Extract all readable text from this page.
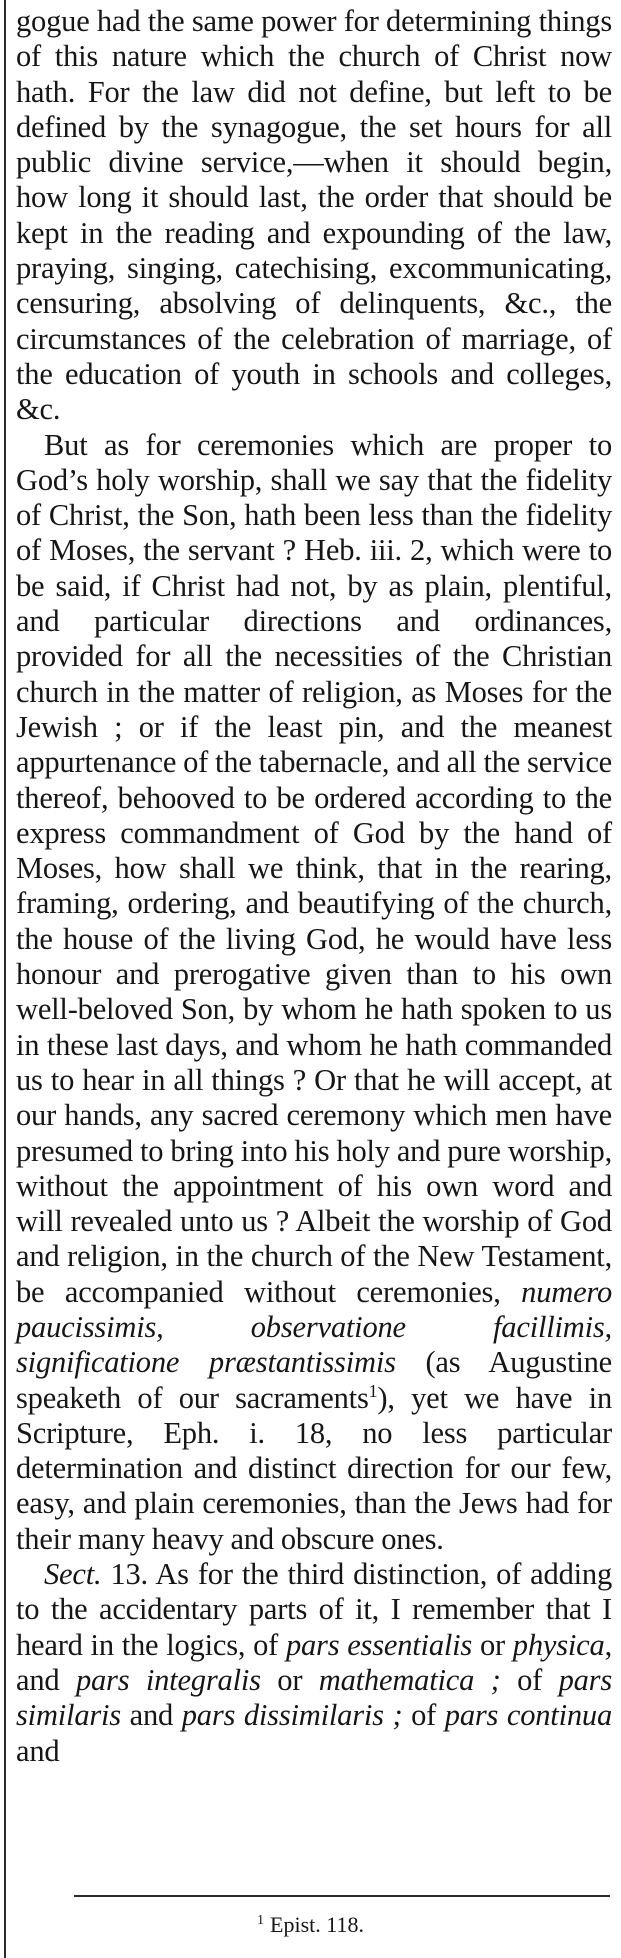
gogue had the same power for determining things of this nature which the church of Christ now hath. For the law did not define, but left to be defined by the synagogue, the set hours for all public divine service,—when it should begin, how long it should last, the order that should be kept in the reading and expounding of the law, praying, singing, catechising, excommunicating, censuring, absolving of delinquents, &c., the circumstances of the celebration of marriage, of the education of youth in schools and colleges, &c.

But as for ceremonies which are proper to God’s holy worship, shall we say that the fidelity of Christ, the Son, hath been less than the fidelity of Moses, the servant ? Heb. iii. 2, which were to be said, if Christ had not, by as plain, plentiful, and particular directions and ordinances, provided for all the necessities of the Christian church in the matter of religion, as Moses for the Jewish ; or if the least pin, and the meanest appurtenance of the tabernacle, and all the service thereof, behooved to be ordered according to the express commandment of God by the hand of Moses, how shall we think, that in the rearing, framing, ordering, and beautifying of the church, the house of the living God, he would have less honour and prerogative given than to his own well-beloved Son, by whom he hath spoken to us in these last days, and whom he hath commanded us to hear in all things ? Or that he will accept, at our hands, any sacred ceremony which men have presumed to bring into his holy and pure worship, without the appointment of his own word and will revealed unto us ? Albeit the worship of God and religion, in the church of the New Testament, be accompanied without ceremonies, numero paucissimis, observatione facillimis, significatione præstantissimis (as Augustine speaketh of our sacraments$^1$), yet we have in Scripture, Eph. i. 18, no less particular determination and distinct direction for our few, easy, and plain ceremonies, than the Jews had for their many heavy and obscure ones.

Sect. 13. As for the third distinction, of adding to the accidentary parts of it, I remember that I heard in the logics, of pars essentialis or physica, and pars integralis or mathematica ; of pars similaris and pars dissimilaris ; of pars continua and

$^1$ Epist. 118.
